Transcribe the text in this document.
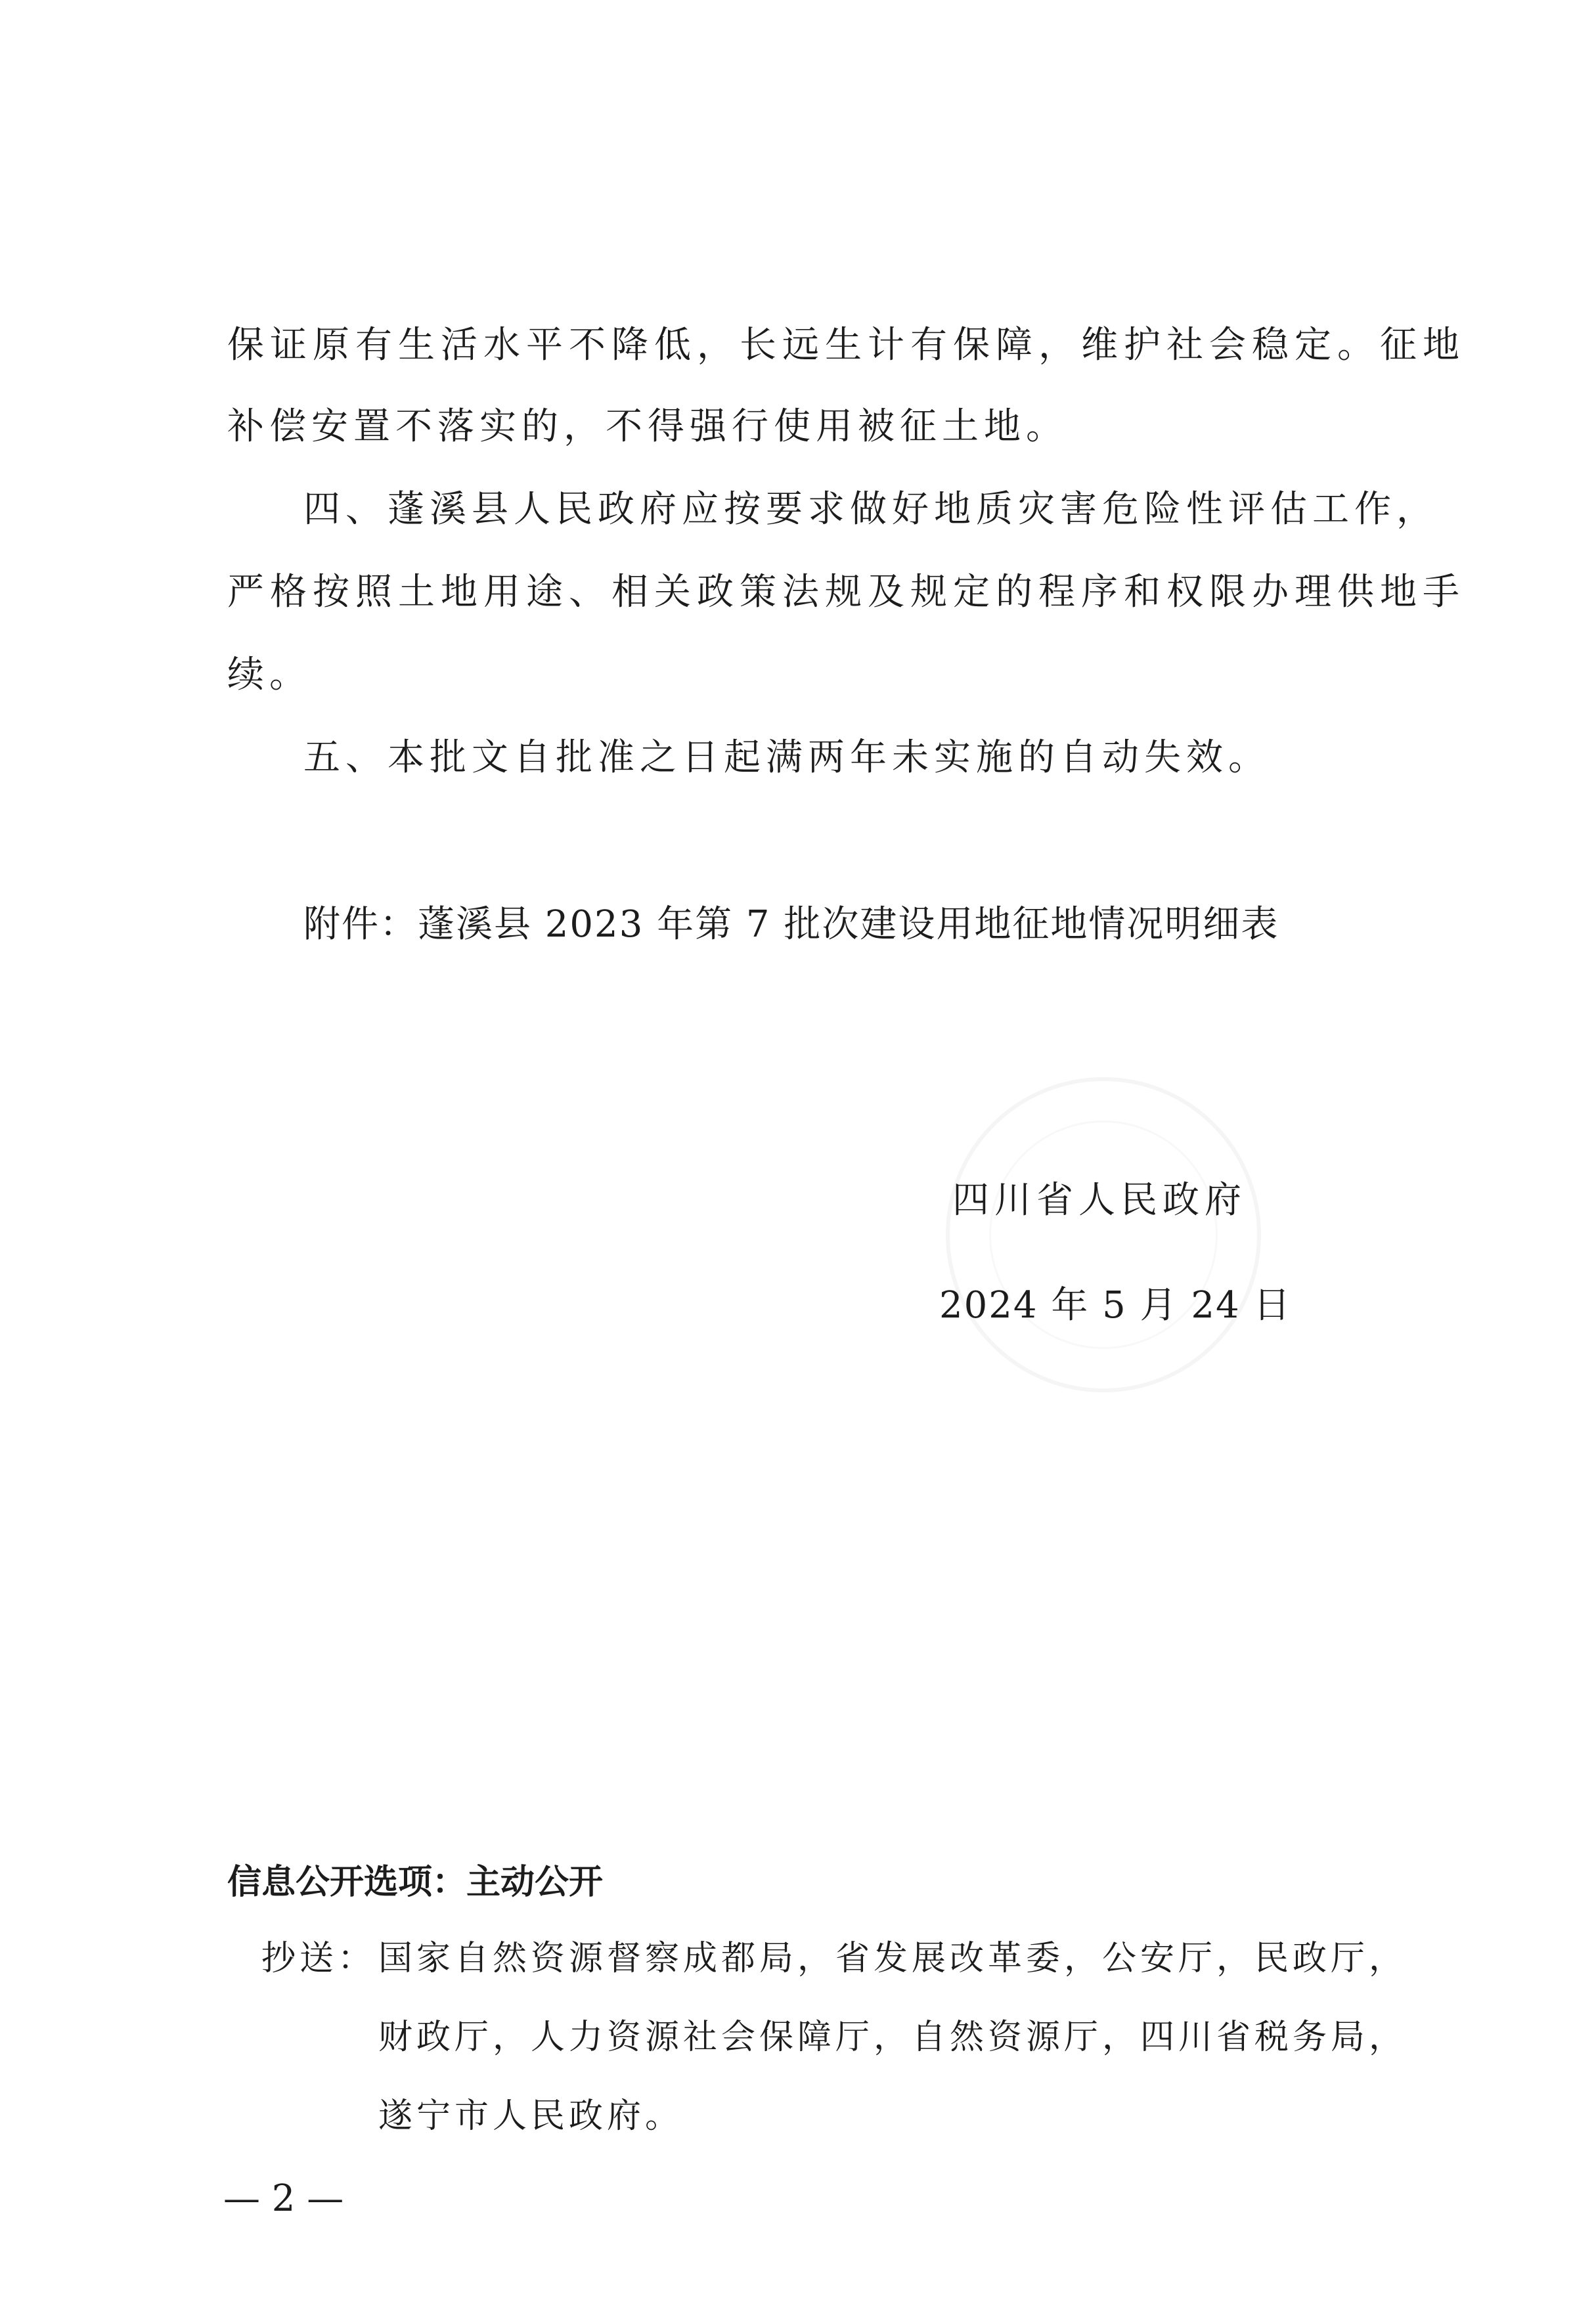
保证原有生活水平不降低，长远生计有保障，维护社会稳定。征地
补偿安置不落实的，不得强行使用被征土地。
四、蓬溪县人民政府应按要求做好地质灾害危险性评估工作，
严格按照土地用途、相关政策法规及规定的程序和权限办理供地手
续。
五、本批文自批准之日起满两年未实施的自动失效。
附件：蓬溪县 2023 年第 7 批次建设用地征地情况明细表
四川省人民政府
2024 年 5 月 24 日
信息公开选项：主动公开
抄送： 国家自然资源督察成都局，省发展改革委，公安厅，民政厅，
财政厅，人力资源社会保障厅，自然资源厅，四川省税务局，
遂宁市人民政府。
— 2 —
